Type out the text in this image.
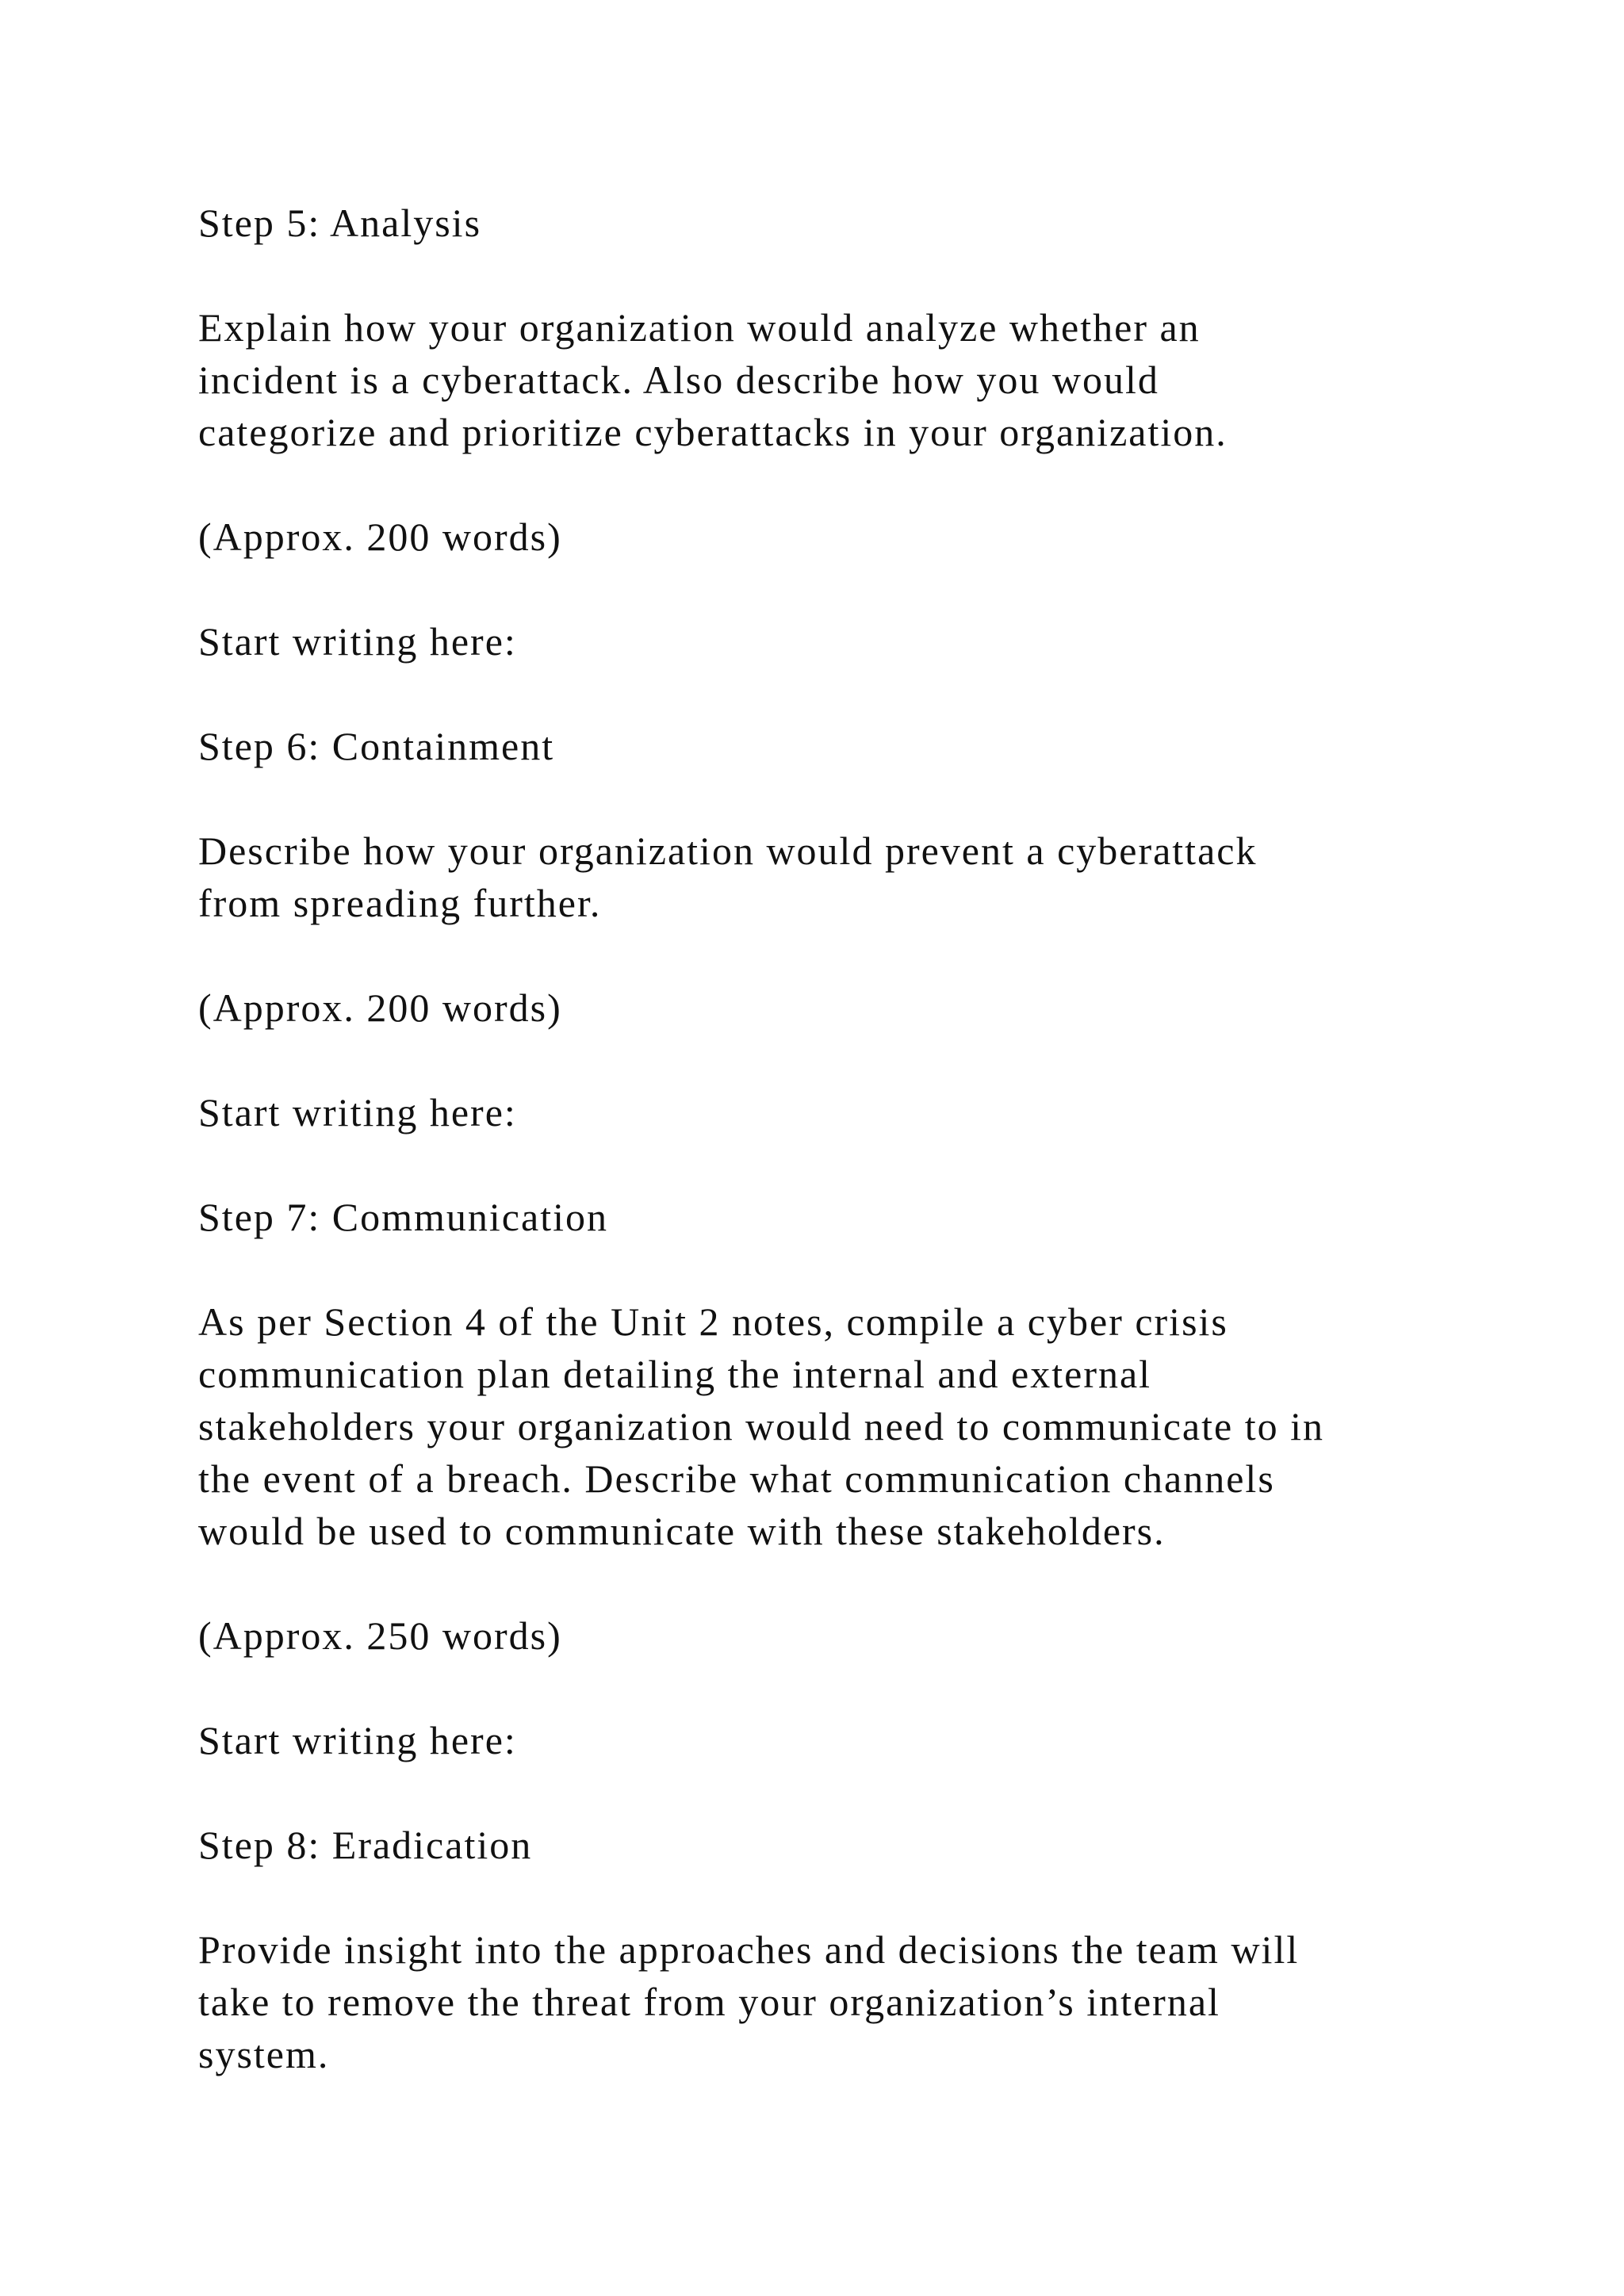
Step 5: Analysis

Explain how your organization would analyze whether an
incident is a cyberattack. Also describe how you would
categorize and prioritize cyberattacks in your organization.

(Approx. 200 words)

Start writing here:

Step 6: Containment

Describe how your organization would prevent a cyberattack
from spreading further.

(Approx. 200 words)

Start writing here:

Step 7: Communication

As per Section 4 of the Unit 2 notes, compile a cyber crisis
communication plan detailing the internal and external
stakeholders your organization would need to communicate to in
the event of a breach. Describe what communication channels
would be used to communicate with these stakeholders.

(Approx. 250 words)

Start writing here:

Step 8: Eradication

Provide insight into the approaches and decisions the team will
take to remove the threat from your organization’s internal
system.
